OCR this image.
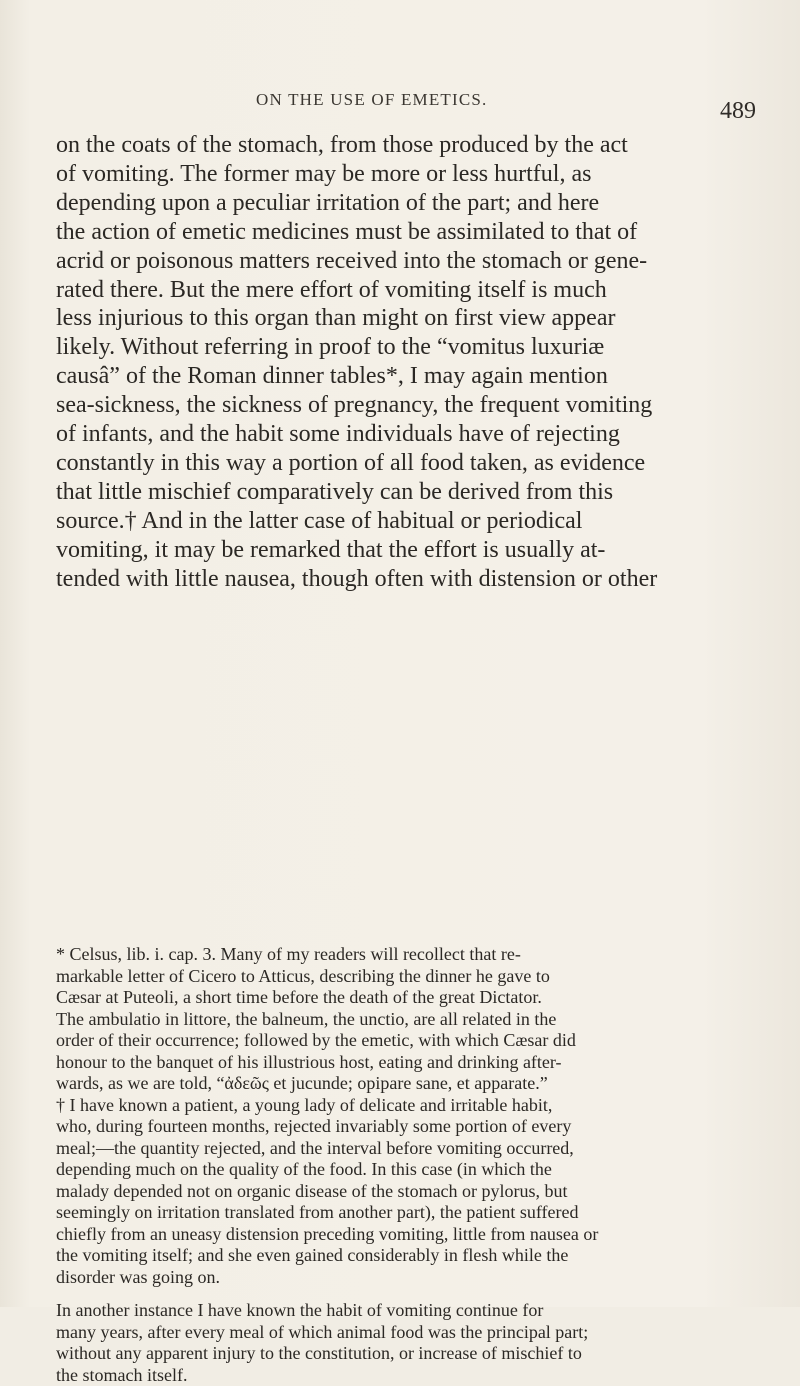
ON THE USE OF EMETICS.	489
on the coats of the stomach, from those produced by the act
of vomiting. The former may be more or less hurtful, as
depending upon a peculiar irritation of the part; and here
the action of emetic medicines must be assimilated to that of
acrid or poisonous matters received into the stomach or gene-
rated there. But the mere effort of vomiting itself is much
less injurious to this organ than might on first view appear
likely. Without referring in proof to the “vomitus luxuriæ
causâ” of the Roman dinner tables*, I may again mention
sea-sickness, the sickness of pregnancy, the frequent vomiting
of infants, and the habit some individuals have of rejecting
constantly in this way a portion of all food taken, as evidence
that little mischief comparatively can be derived from this
source.† And in the latter case of habitual or periodical
vomiting, it may be remarked that the effort is usually at-
tended with little nausea, though often with distension or other
* Celsus, lib. i. cap. 3. Many of my readers will recollect that re-
markable letter of Cicero to Atticus, describing the dinner he gave to
Cæsar at Puteoli, a short time before the death of the great Dictator.
The ambulatio in littore, the balneum, the unctio, are all related in the
order of their occurrence; followed by the emetic, with which Cæsar did
honour to the banquet of his illustrious host, eating and drinking after-
wards, as we are told, “ἀδεῶς et jucunde; opipare sane, et apparate.”
† I have known a patient, a young lady of delicate and irritable habit,
who, during fourteen months, rejected invariably some portion of every
meal;—the quantity rejected, and the interval before vomiting occurred,
depending much on the quality of the food. In this case (in which the
malady depended not on organic disease of the stomach or pylorus, but
seemingly on irritation translated from another part), the patient suffered
chiefly from an uneasy distension preceding vomiting, little from nausea or
the vomiting itself; and she even gained considerably in flesh while the
disorder was going on.
In another instance I have known the habit of vomiting continue for
many years, after every meal of which animal food was the principal part;
without any apparent injury to the constitution, or increase of mischief to
the stomach itself.
